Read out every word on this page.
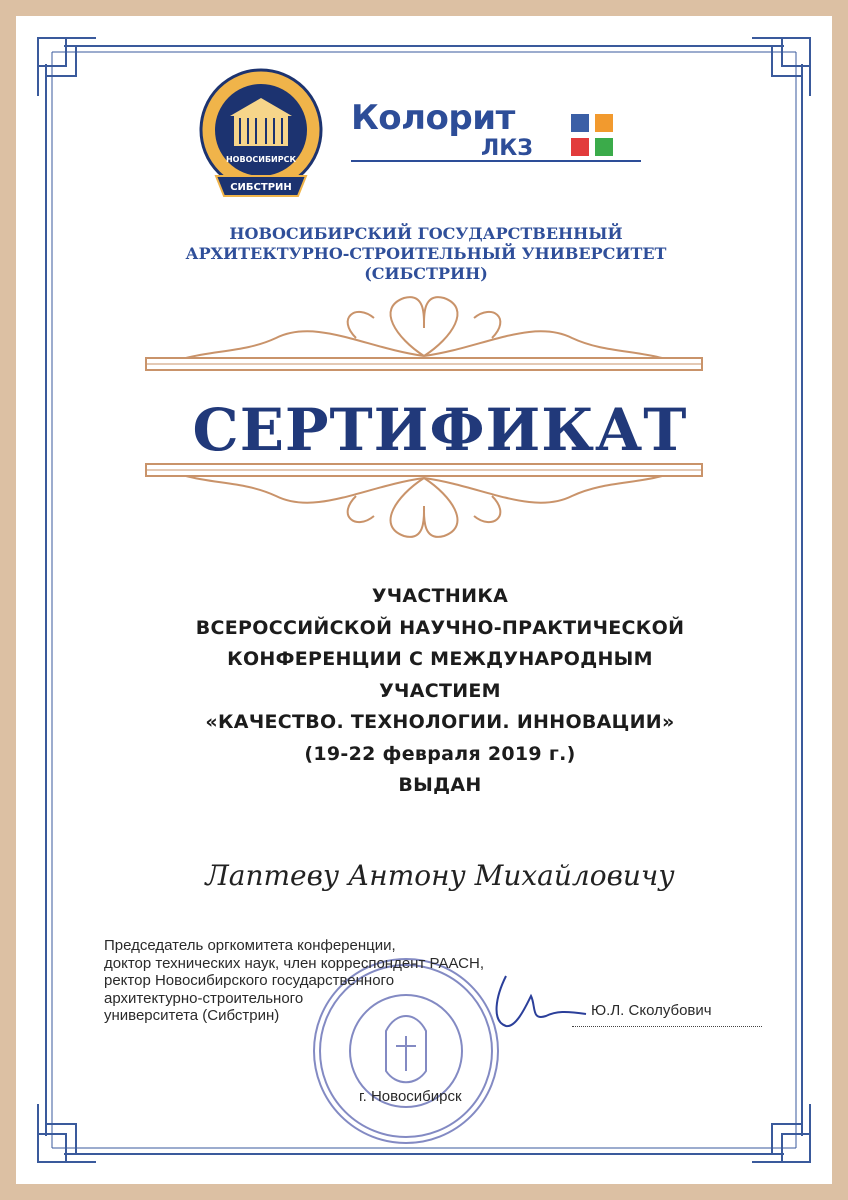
НОВОСИБИРСК
СИБСТРИН
Колорит
ЛКЗ
НОВОСИБИРСКИЙ ГОСУДАРСТВЕННЫЙ
АРХИТЕКТУРНО-СТРОИТЕЛЬНЫЙ УНИВЕРСИТЕТ
(СИБСТРИН)
СЕРТИФИКАТ
УЧАСТНИКА
ВСЕРОССИЙСКОЙ НАУЧНО-ПРАКТИЧЕСКОЙ
КОНФЕРЕНЦИИ С МЕЖДУНАРОДНЫМ
УЧАСТИЕМ
«КАЧЕСТВО. ТЕХНОЛОГИИ. ИННОВАЦИИ»
(19-22 февраля 2019 г.)
ВЫДАН
Лаптеву Антону Михайловичу
Председатель оргкомитета конференции,
доктор технических наук, член корреспондент РААСН,
ректор Новосибирского государственного
архитектурно-строительного
университета (Сибстрин)	Ю.Л. Сколубович
г. Новосибирск
